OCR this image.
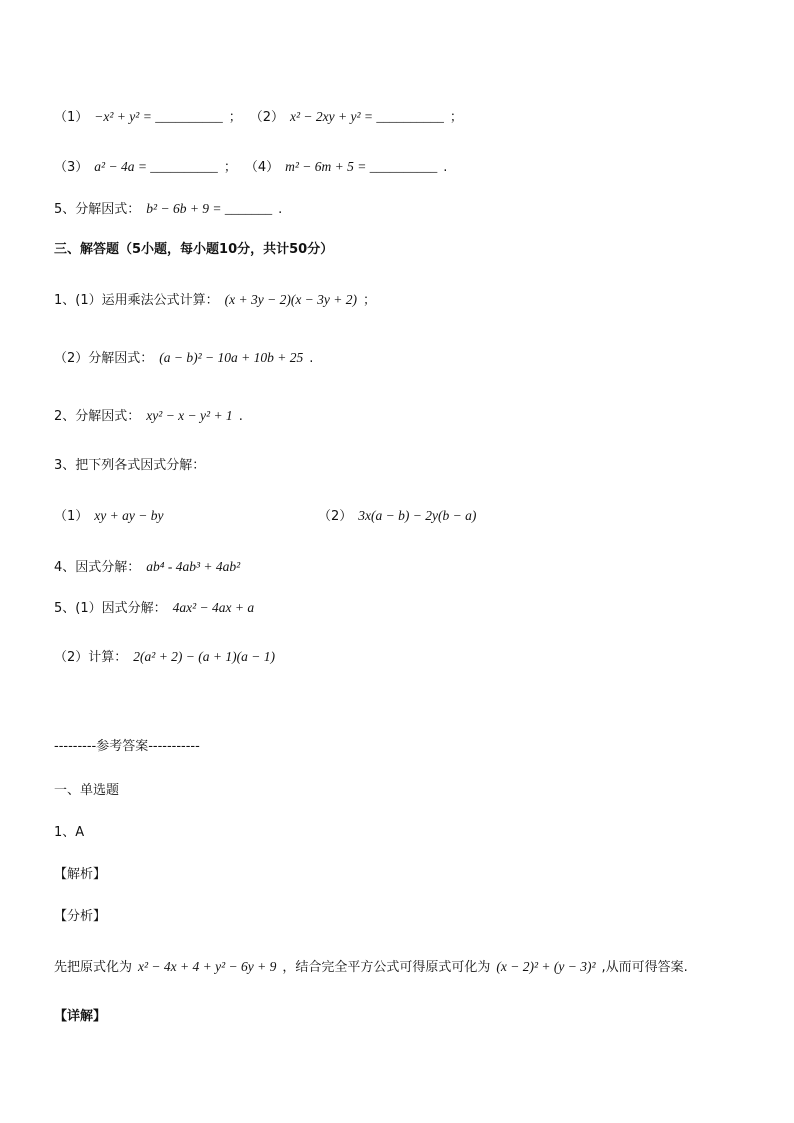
（1） −x² + y² = __________ ； （2） x² − 2xy + y² = __________ ；
（3） a² − 4a = __________ ； （4） m² − 6m + 5 = __________ .
5、分解因式： b² − 6b + 9 = _______ .
三、解答题（5小题，每小题10分，共计50分）
1、(1）运用乘法公式计算： (x + 3y − 2)(x − 3y + 2) ；
（2）分解因式： (a − b)² − 10a + 10b + 25 .
2、分解因式： xy² − x − y² + 1 .
3、把下列各式因式分解：
（1） xy + ay − by	（2） 3x(a − b) − 2y(b − a)
4、因式分解： ab⁴ - 4ab³ + 4ab²
5、(1）因式分解： 4ax² − 4ax + a
（2）计算： 2(a² + 2) − (a + 1)(a − 1)
---------参考答案-----------
一、单选题
1、A
【解析】
【分析】
先把原式化为 x² − 4x + 4 + y² − 6y + 9 ，结合完全平方公式可得原式可化为 (x − 2)² + (y − 3)² ,从而可得答案.
【详解】
